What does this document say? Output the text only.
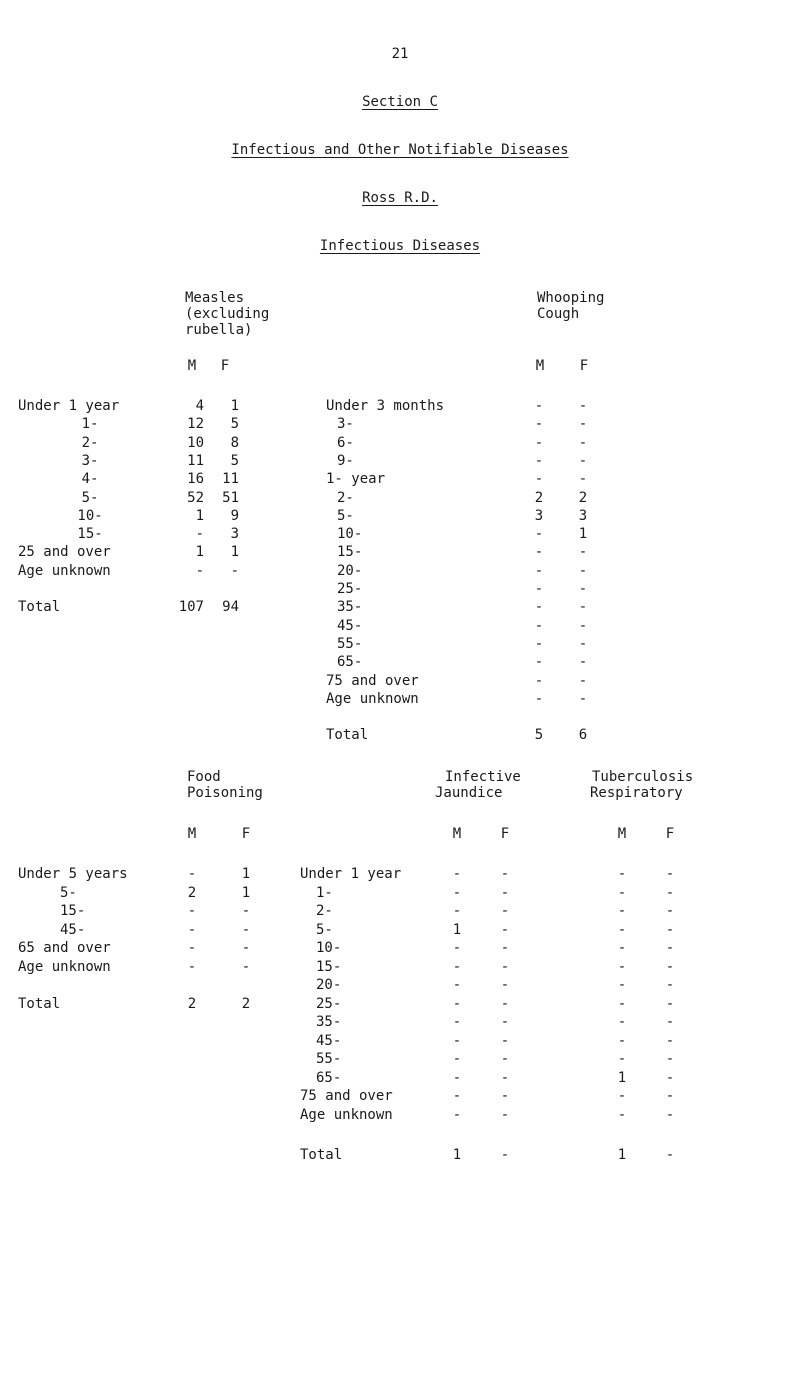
21
Section C
Infectious and Other Notifiable Diseases
Ross R.D.
Infectious Diseases
Measles
(excluding
rubella)
M	F
Whooping
Cough
M	F
Under 1 year	4	1
1-	12	5
2-	10	8
3-	11	5
4-	16	11
5-	52	51
10-	1	9
15-	-	3
25 and over	1	1
Age unknown	-	-
Total	107	94
Under 3 months	-	-
3-	-	-
6-	-	-
9-	-	-
1- year	-	-
2-	2	2
5-	3	3
10-	-	1
15-	-	-
20-	-	-
25-	-	-
35-	-	-
45-	-	-
55-	-	-
65-	-	-
75 and over	-	-
Age unknown	-	-
Total	5	6
Food
Poisoning
M	F
Infective
Jaundice
M	F
Tuberculosis
Respiratory
M	F
Under 5 years	-	1
5-	2	1
15-	-	-
45-	-	-
65 and over	-	-
Age unknown	-	-
Total	2	2
Under 1 year	-	-	-	-
1-	-	-	-	-
2-	-	-	-	-
5-	1	-	-	-
10-	-	-	-	-
15-	-	-	-	-
20-	-	-	-	-
25-	-	-	-	-
35-	-	-	-	-
45-	-	-	-	-
55-	-	-	-	-
65-	-	-	1	-
75 and over	-	-	-	-
Age unknown	-	-	-	-
Total	1	-	1	-
